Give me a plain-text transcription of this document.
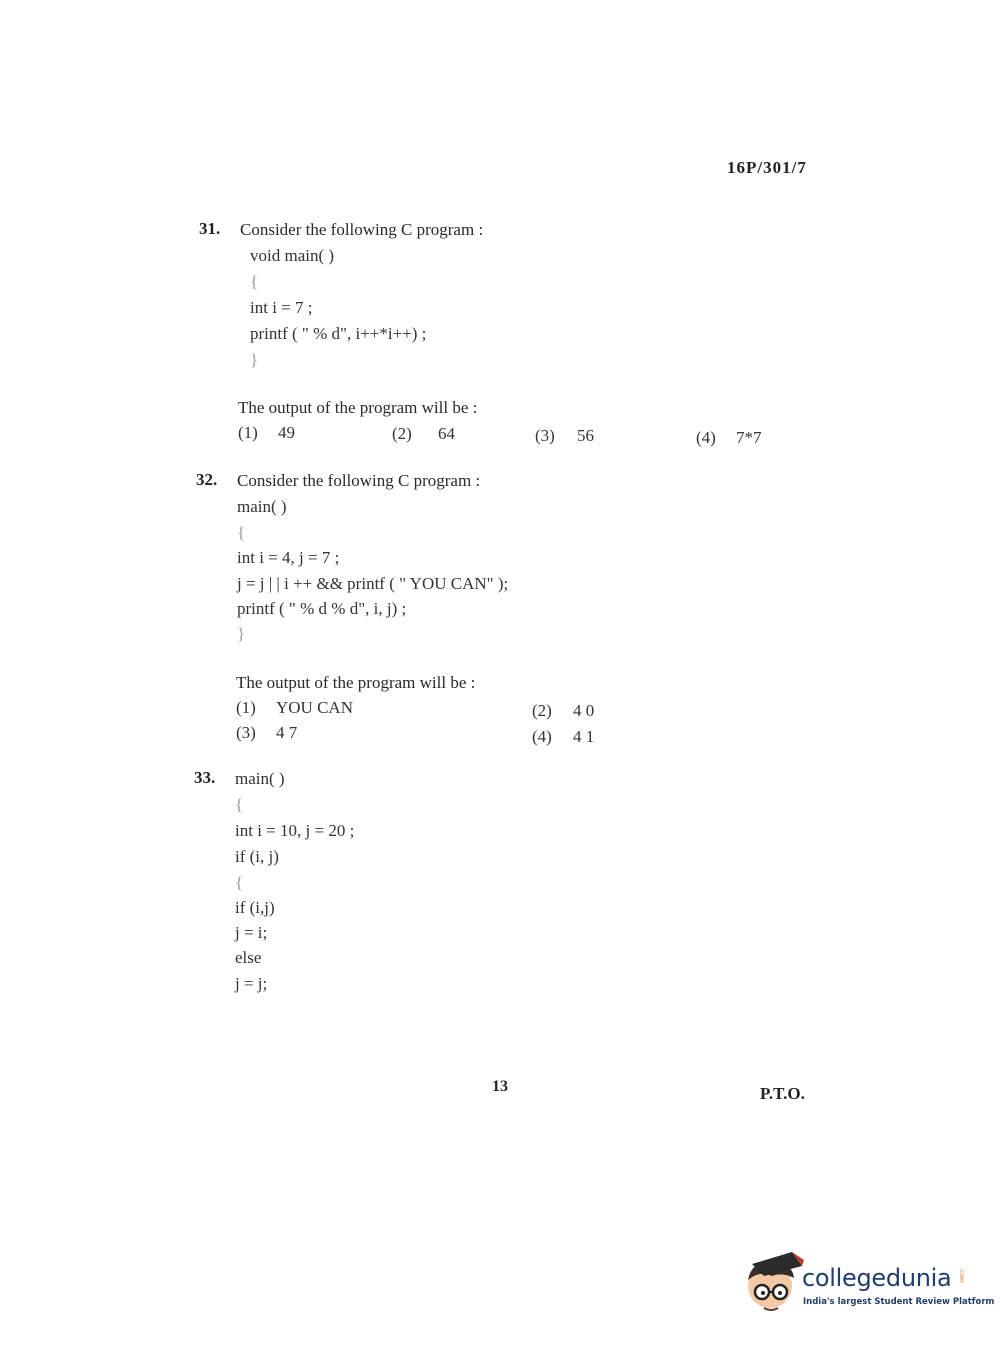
16P/301/7
31. Consider the following C program :
void main( )
{
int i = 7 ;
printf ( " % d", i++*i++) ;
}
The output of the program will be :
(1) 49	(2) 64	(3) 56	(4) 7*7
32. Consider the following C program :
main( )
{
int i = 4, j = 7 ;
j = j | | i ++ && printf ( " YOU CAN" );
printf ( " % d % d", i, j) ;
}
The output of the program will be :
(1) YOU CAN	(2) 4 0
(3) 4 7	(4) 4 1
33. main( )
{
int i = 10, j = 20 ;
if (i, j)
{
if (i,j)
j = i;
else
j = j;
13	P.T.O.
collegedunia .com
India's largest Student Review Platform
